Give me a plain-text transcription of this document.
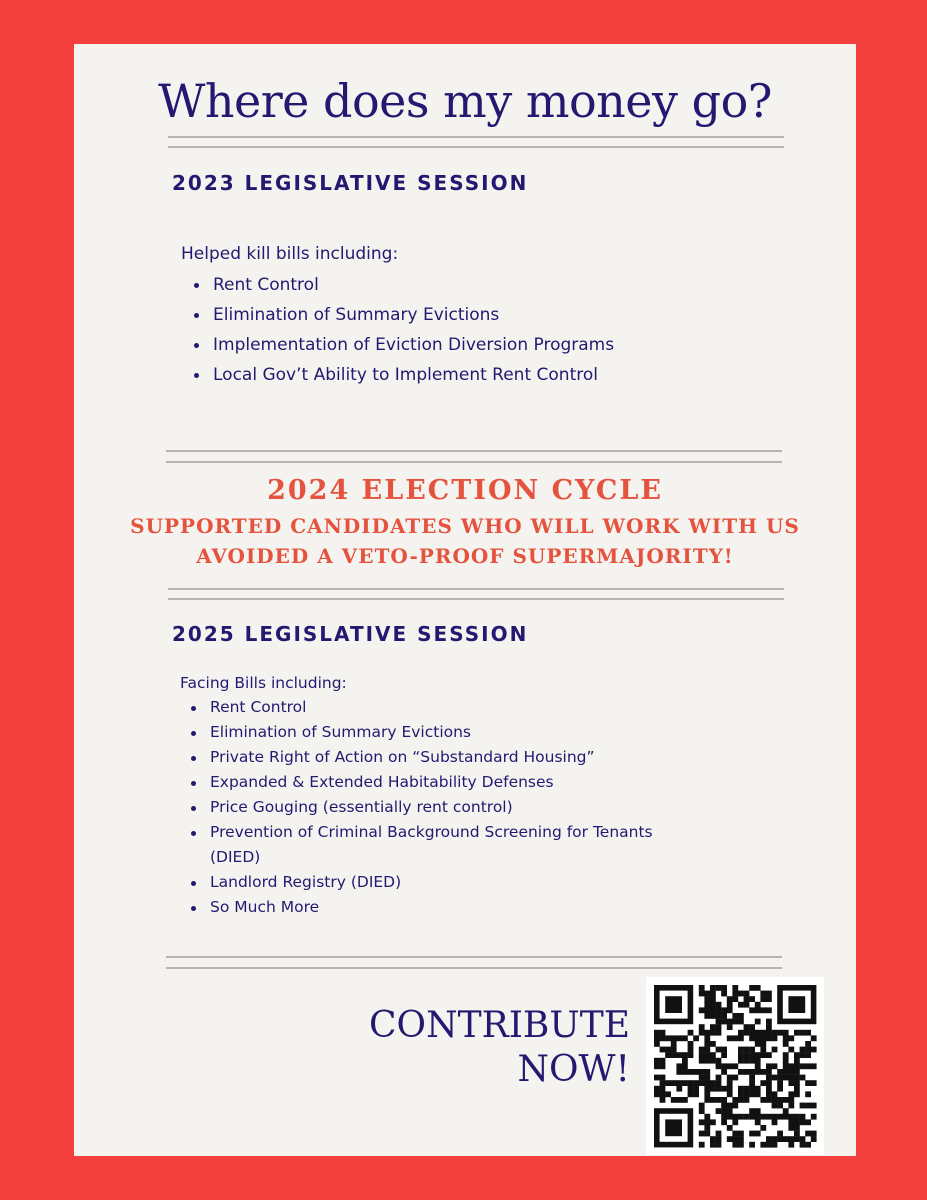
Where does my money go?
2023 LEGISLATIVE SESSION
Helped kill bills including:
Rent Control
Elimination of Summary Evictions
Implementation of Eviction Diversion Programs
Local Gov’t Ability to Implement Rent Control
2024 ELECTION CYCLE
SUPPORTED CANDIDATES WHO WILL WORK WITH US
AVOIDED A VETO-PROOF SUPERMAJORITY!
2025 LEGISLATIVE SESSION
Facing Bills including:
Rent Control
Elimination of Summary Evictions
Private Right of Action on “Substandard Housing”
Expanded & Extended Habitability Defenses
Price Gouging (essentially rent control)
Prevention of Criminal Background Screening for Tenants (DIED)
Landlord Registry (DIED)
So Much More
CONTRIBUTE
NOW!
